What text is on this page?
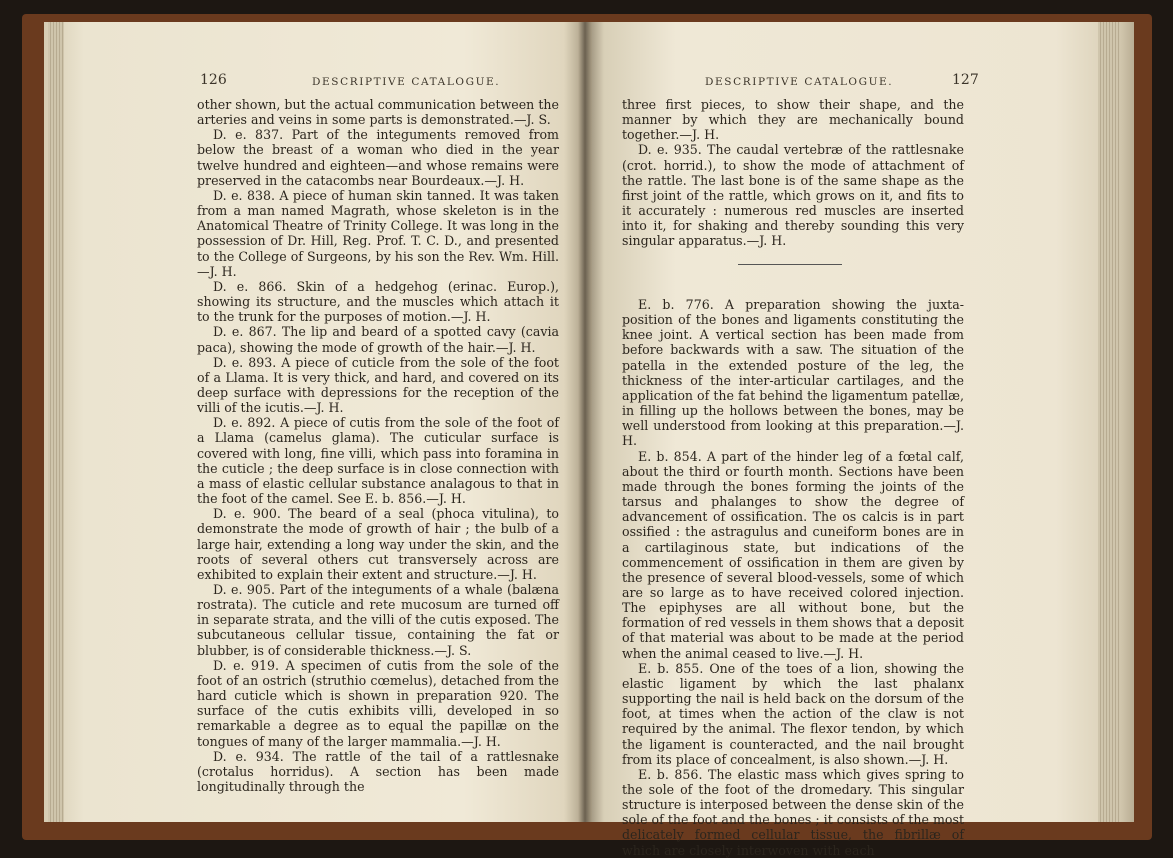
126	DESCRIPTIVE CATALOGUE.

other shown, but the actual communication between the arteries and veins in some parts is demonstrated.—J. S.

D. e. 837. Part of the integuments removed from below the breast of a woman who died in the year twelve hundred and eighteen—and whose remains were preserved in the catacombs near Bourdeaux.—J. H.

D. e. 838. A piece of human skin tanned. It was taken from a man named Magrath, whose skeleton is in the Anatomical Theatre of Trinity College. It was long in the possession of Dr. Hill, Reg. Prof. T. C. D., and presented to the College of Surgeons, by his son the Rev. Wm. Hill.—J. H.

D. e. 866. Skin of a hedgehog (erinac. Europ.), showing its structure, and the muscles which attach it to the trunk for the purposes of motion.—J. H.

D. e. 867. The lip and beard of a spotted cavy (cavia paca), showing the mode of growth of the hair.—J. H.

D. e. 893. A piece of cuticle from the sole of the foot of a Llama. It is very thick, and hard, and covered on its deep surface with depressions for the reception of the villi of the icutis.—J. H.

D. e. 892. A piece of cutis from the sole of the foot of a Llama (camelus glama). The cuticular surface is covered with long, fine villi, which pass into foramina in the cuticle ; the deep surface is in close connection with a mass of elastic cellular substance analagous to that in the foot of the camel. See E. b. 856.—J. H.

D. e. 900. The beard of a seal (phoca vitulina), to demonstrate the mode of growth of hair ; the bulb of a large hair, extending a long way under the skin, and the roots of several others cut transversely across are exhibited to explain their extent and structure.—J. H.

D. e. 905. Part of the integuments of a whale (balæna rostrata). The cuticle and rete mucosum are turned off in separate strata, and the villi of the cutis exposed. The subcutaneous cellular tissue, containing the fat or blubber, is of considerable thickness.—J. S.

D. e. 919. A specimen of cutis from the sole of the foot of an ostrich (struthio cœmelus), detached from the hard cuticle which is shown in preparation 920. The surface of the cutis exhibits villi, developed in so remarkable a degree as to equal the papillæ on the tongues of many of the larger mammalia.—J. H.

D. e. 934. The rattle of the tail of a rattlesnake (crotalus horridus). A section has been made longitudinally through the

DESCRIPTIVE CATALOGUE.	127

three first pieces, to show their shape, and the manner by which they are mechanically bound together.—J. H.

D. e. 935. The caudal vertebræ of the rattlesnake (crot. horrid.), to show the mode of attachment of the rattle. The last bone is of the same shape as the first joint of the rattle, which grows on it, and fits to it accurately : numerous red muscles are inserted into it, for shaking and thereby sounding this very singular apparatus.—J. H.

E. b. 776. A preparation showing the juxta-position of the bones and ligaments constituting the knee joint. A vertical section has been made from before backwards with a saw. The situation of the patella in the extended posture of the leg, the thickness of the inter-articular cartilages, and the application of the fat behind the ligamentum patellæ, in filling up the hollows between the bones, may be well understood from looking at this preparation.—J. H.

E. b. 854. A part of the hinder leg of a fœtal calf, about the third or fourth month. Sections have been made through the bones forming the joints of the tarsus and phalanges to show the degree of advancement of ossification. The os calcis is in part ossified : the astragulus and cuneiform bones are in a cartilaginous state, but indications of the commencement of ossification in them are given by the presence of several blood-vessels, some of which are so large as to have received colored injection. The epiphyses are all without bone, but the formation of red vessels in them shows that a deposit of that material was about to be made at the period when the animal ceased to live.—J. H.

E. b. 855. One of the toes of a lion, showing the elastic ligament by which the last phalanx supporting the nail is held back on the dorsum of the foot, at times when the action of the claw is not required by the animal. The flexor tendon, by which the ligament is counteracted, and the nail brought from its place of concealment, is also shown.—J. H.

E. b. 856. The elastic mass which gives spring to the sole of the foot of the dromedary. This singular structure is interposed between the dense skin of the sole of the foot and the bones ; it consists of the most delicately formed cellular tissue, the fibrillæ of which are closely interwoven with each
